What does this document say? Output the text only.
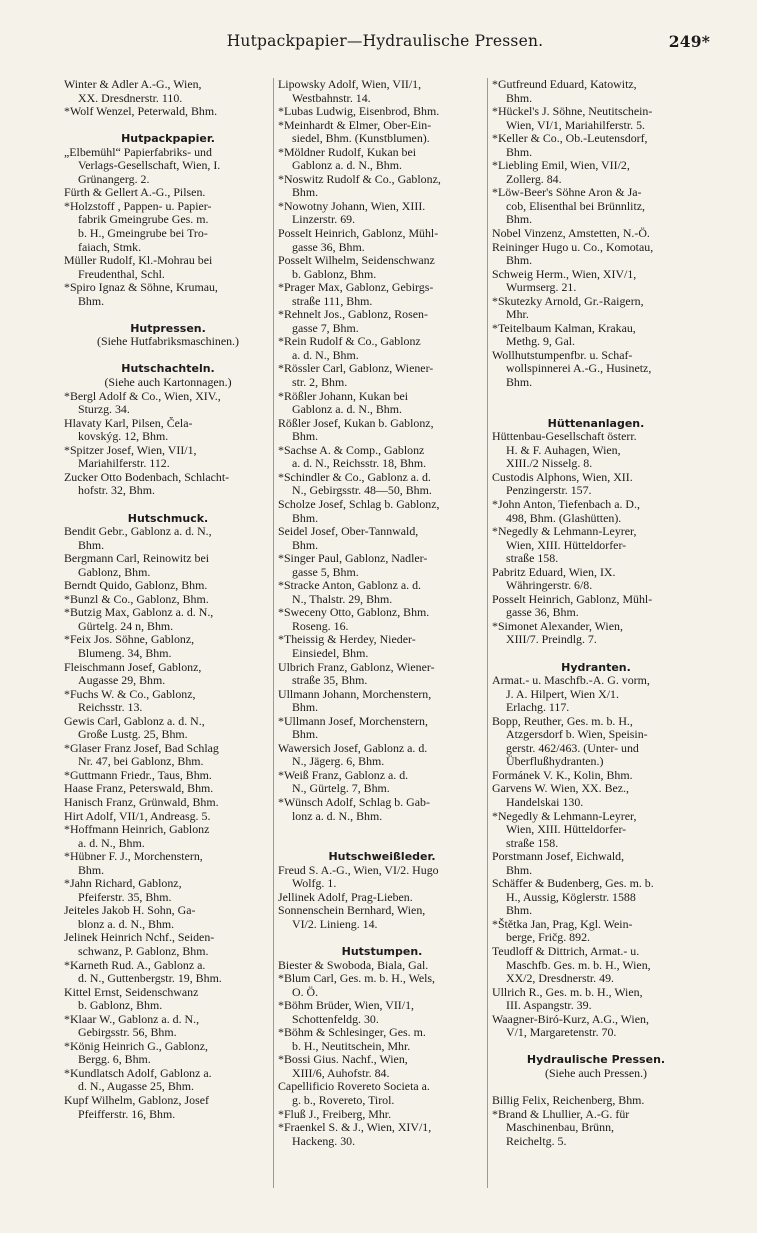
Hutpackpapier—Hydraulische Pressen.	249*
Winter & Adler A.-G., Wien,
XX. Dresdnerstr. 110.
*Wolf Wenzel, Peterwald, Bhm.
Hutpackpapier.
„Elbemühl“ Papierfabriks- und
Verlags-Gesellschaft, Wien, I.
Grünangerg. 2.
Fürth & Gellert A.-G., Pilsen.
*Holzstoff , Pappen- u. Papier-
fabrik Gmeingrube Ges. m.
b. H., Gmeingrube bei Tro-
faiach, Stmk.
Müller Rudolf, Kl.-Mohrau bei
Freudenthal, Schl.
*Spiro Ignaz & Söhne, Krumau,
Bhm.
Hutpressen.
(Siehe Hutfabriksmaschinen.)
Hutschachteln.
(Siehe auch Kartonnagen.)
*Bergl Adolf & Co., Wien, XIV.,
Sturzg. 34.
Hlavaty Karl, Pilsen, Čela-
kovskýg. 12, Bhm.
*Spitzer Josef, Wien, VII/1,
Mariahilferstr. 112.
Zucker Otto Bodenbach, Schlacht-
hofstr. 32, Bhm.
Hutschmuck.
Bendit Gebr., Gablonz a. d. N.,
Bhm.
Bergmann Carl, Reinowitz bei
Gablonz, Bhm.
Berndt Quido, Gablonz, Bhm.
*Bunzl & Co., Gablonz, Bhm.
*Butzig Max, Gablonz a. d. N.,
Gürtelg. 24 n, Bhm.
*Feix Jos. Söhne, Gablonz,
Blumeng. 34, Bhm.
Fleischmann Josef, Gablonz,
Augasse 29, Bhm.
*Fuchs W. & Co., Gablonz,
Reichsstr. 13.
Gewis Carl, Gablonz a. d. N.,
Große Lustg. 25, Bhm.
*Glaser Franz Josef, Bad Schlag
Nr. 47, bei Gablonz, Bhm.
*Guttmann Friedr., Taus, Bhm.
Haase Franz, Peterswald, Bhm.
Hanisch Franz, Grünwald, Bhm.
Hirt Adolf, VII/1, Andreasg. 5.
*Hoffmann Heinrich, Gablonz
a. d. N., Bhm.
*Hübner F. J., Morchenstern,
Bhm.
*Jahn Richard, Gablonz,
Pfeiferstr. 35, Bhm.
Jeiteles Jakob H. Sohn, Ga-
blonz a. d. N., Bhm.
Jelinek Heinrich Nchf., Seiden-
schwanz, P. Gablonz, Bhm.
*Karneth Rud. A., Gablonz a.
d. N., Guttenbergstr. 19, Bhm.
Kittel Ernst, Seidenschwanz
b. Gablonz, Bhm.
*Klaar W., Gablonz a. d. N.,
Gebirgsstr. 56, Bhm.
*König Heinrich G., Gablonz,
Bergg. 6, Bhm.
*Kundlatsch Adolf, Gablonz a.
d. N., Augasse 25, Bhm.
Kupf Wilhelm, Gablonz, Josef
Pfeifferstr. 16, Bhm.
Lipowsky Adolf, Wien, VII/1,
Westbahnstr. 14.
*Lubas Ludwig, Eisenbrod, Bhm.
*Meinhardt & Elmer, Ober-Ein-
siedel, Bhm. (Kunstblumen).
*Möldner Rudolf, Kukan bei
Gablonz a. d. N., Bhm.
*Noswitz Rudolf & Co., Gablonz,
Bhm.
*Nowotny Johann, Wien, XIII.
Linzerstr. 69.
Posselt Heinrich, Gablonz, Mühl-
gasse 36, Bhm.
Posselt Wilhelm, Seidenschwanz
b. Gablonz, Bhm.
*Prager Max, Gablonz, Gebirgs-
straße 111, Bhm.
*Rehnelt Jos., Gablonz, Rosen-
gasse 7, Bhm.
*Rein Rudolf & Co., Gablonz
a. d. N., Bhm.
*Rössler Carl, Gablonz, Wiener-
str. 2, Bhm.
*Rößler Johann, Kukan bei
Gablonz a. d. N., Bhm.
Rößler Josef, Kukan b. Gablonz,
Bhm.
*Sachse A. & Comp., Gablonz
a. d. N., Reichsstr. 18, Bhm.
*Schindler & Co., Gablonz a. d.
N., Gebirgsstr. 48—50, Bhm.
Scholze Josef, Schlag b. Gablonz,
Bhm.
Seidel Josef, Ober-Tannwald,
Bhm.
*Singer Paul, Gablonz, Nadler-
gasse 5, Bhm.
*Stracke Anton, Gablonz a. d.
N., Thalstr. 29, Bhm.
*Sweceny Otto, Gablonz, Bhm.
Roseng. 16.
*Theissig & Herdey, Nieder-
Einsiedel, Bhm.
Ulbrich Franz, Gablonz, Wiener-
straße 35, Bhm.
Ullmann Johann, Morchenstern,
Bhm.
*Ullmann Josef, Morchenstern,
Bhm.
Wawersich Josef, Gablonz a. d.
N., Jägerg. 6, Bhm.
*Weiß Franz, Gablonz a. d.
N., Gürtelg. 7, Bhm.
*Wünsch Adolf, Schlag b. Gab-
lonz a. d. N., Bhm.
Hutschweißleder.
Freud S. A.-G., Wien, VI/2. Hugo
Wolfg. 1.
Jellinek Adolf, Prag-Lieben.
Sonnenschein Bernhard, Wien,
VI/2. Linieng. 14.
Hutstumpen.
Biester & Swoboda, Biala, Gal.
*Blum Carl, Ges. m. b. H., Wels,
O. Ö.
*Böhm Brüder, Wien, VII/1,
Schottenfeldg. 30.
*Böhm & Schlesinger, Ges. m.
b. H., Neutitschein, Mhr.
*Bossi Gius. Nachf., Wien,
XIII/6, Auhofstr. 84.
Capellificio Rovereto Societa a.
g. b., Rovereto, Tirol.
*Fluß J., Freiberg, Mhr.
*Fraenkel S. & J., Wien, XIV/1,
Hackeng. 30.
*Gutfreund Eduard, Katowitz,
Bhm.
*Hückel's J. Söhne, Neutitschein-
Wien, VI/1, Mariahilferstr. 5.
*Keller & Co., Ob.-Leutensdorf,
Bhm.
*Liebling Emil, Wien, VII/2,
Zollerg. 84.
*Löw-Beer's Söhne Aron & Ja-
cob, Elisenthal bei Brünnlitz,
Bhm.
Nobel Vinzenz, Amstetten, N.-Ö.
Reininger Hugo u. Co., Komotau,
Bhm.
Schweig Herm., Wien, XIV/1,
Wurmserg. 21.
*Skutezky Arnold, Gr.-Raigern,
Mhr.
*Teitelbaum Kalman, Krakau,
Methg. 9, Gal.
Wollhutstumpenfbr. u. Schaf-
wollspinnerei A.-G., Husinetz,
Bhm.
Hüttenanlagen.
Hüttenbau-Gesellschaft österr.
H. & F. Auhagen, Wien,
XIII./2 Nisselg. 8.
Custodis Alphons, Wien, XII.
Penzingerstr. 157.
*John Anton, Tiefenbach a. D.,
498, Bhm. (Glashütten).
*Negedly & Lehmann-Leyrer,
Wien, XIII. Hütteldorfer-
straße 158.
Pabritz Eduard, Wien, IX.
Währingerstr. 6/8.
Posselt Heinrich, Gablonz, Mühl-
gasse 36, Bhm.
*Simonet Alexander, Wien,
XIII/7. Preindlg. 7.
Hydranten.
Armat.- u. Maschfb.-A. G. vorm,
J. A. Hilpert, Wien X/1.
Erlachg. 117.
Bopp, Reuther, Ges. m. b. H.,
Atzgersdorf b. Wien, Speisin-
gerstr. 462/463. (Unter- und
Überflußhydranten.)
Formánek V. K., Kolin, Bhm.
Garvens W. Wien, XX. Bez.,
Handelskai 130.
*Negedly & Lehmann-Leyrer,
Wien, XIII. Hütteldorfer-
straße 158.
Porstmann Josef, Eichwald,
Bhm.
Schäffer & Budenberg, Ges. m. b.
H., Aussig, Köglerstr. 1588
Bhm.
*Štětka Jan, Prag, Kgl. Wein-
berge, Fričg. 892.
Teudloff & Dittrich, Armat.- u.
Maschfb. Ges. m. b. H., Wien,
XX/2, Dresdnerstr. 49.
Ullrich R., Ges. m. b. H., Wien,
III. Aspangstr. 39.
Waagner-Biró-Kurz, A.G., Wien,
V/1, Margaretenstr. 70.
Hydraulische Pressen.
(Siehe auch Pressen.)
Billig Felix, Reichenberg, Bhm.
*Brand & Lhullier, A.-G. für
Maschinenbau, Brünn,
Reicheltg. 5.
